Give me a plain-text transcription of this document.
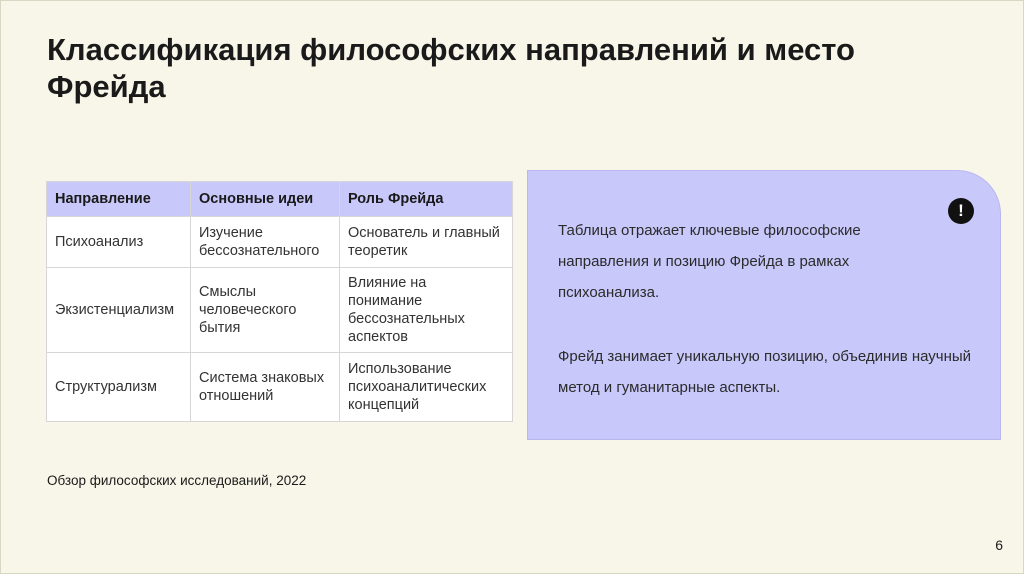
Классификация философских направлений и место Фрейда
Направление	Основные идеи	Роль Фрейда
Психоанализ	Изучение бессознательного	Основатель и главный теоретик
Экзистенциализм	Смыслы человеческого бытия	Влияние на понимание бессознательных аспектов
Структурализм	Система знаковых отношений	Использование психоаналитических концепций
!

Таблица отражает ключевые философские направления и позицию Фрейда в рамках психоанализа.

Фрейд занимает уникальную позицию, объединив научный метод и гуманитарные аспекты.

Обзор философских исследований, 2022
6
